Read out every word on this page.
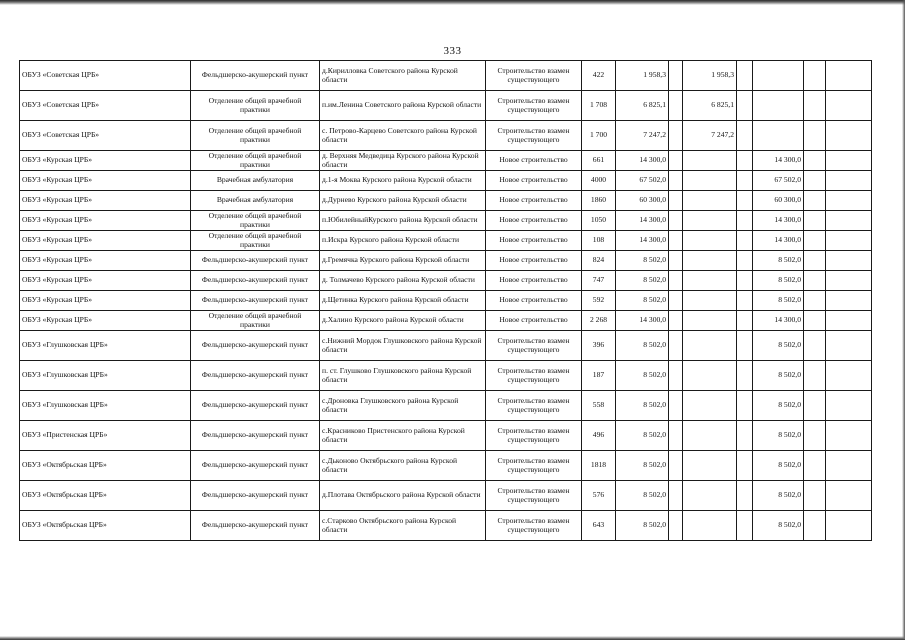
333
ОБУЗ «Советская ЦРБ»	Фельдшерско-акушерский пункт	д.Кирилловка Советского района Курской области	Строительство взамен существующего	422	1 958,3		1 958,3				
ОБУЗ «Советская ЦРБ»	Отделение общей врачебной практики	п.им.Ленина Советского района Курской области	Строительство взамен существующего	1 708	6 825,1		6 825,1				
ОБУЗ «Советская ЦРБ»	Отделение общей врачебной практики	с. Петрово-Карцево Советского района Курской области	Строительство взамен существующего	1 700	7 247,2		7 247,2				
ОБУЗ «Курская ЦРБ»	Отделение общей врачебной практики	д. Верхняя Медведица Курского района Курской области	Новое строительство	661	14 300,0				14 300,0		
ОБУЗ «Курская ЦРБ»	Врачебная амбулатория	д.1-я Моква Курского района Курской области	Новое строительство	4000	67 502,0				67 502,0		
ОБУЗ «Курская ЦРБ»	Врачебная амбулатория	д.Дурнево Курского района Курской области	Новое строительство	1860	60 300,0				60 300,0		
ОБУЗ «Курская ЦРБ»	Отделение общей врачебной практики	п.ЮбилейныйКурского района Курской области	Новое строительство	1050	14 300,0				14 300,0		
ОБУЗ «Курская ЦРБ»	Отделение общей врачебной практики	п.Искра Курского района Курской области	Новое строительство	108	14 300,0				14 300,0		
ОБУЗ «Курская ЦРБ»	Фельдшерско-акушерский пункт	д.Гремячка Курского района Курской области	Новое строительство	824	8 502,0				8 502,0		
ОБУЗ «Курская ЦРБ»	Фельдшерско-акушерский пункт	д. Толмачево Курского района Курской области	Новое строительство	747	8 502,0				8 502,0		
ОБУЗ «Курская ЦРБ»	Фельдшерско-акушерский пункт	д.Щетинка Курского района Курской области	Новое строительство	592	8 502,0				8 502,0		
ОБУЗ «Курская ЦРБ»	Отделение общей врачебной практики	д.Халино Курского района Курской области	Новое строительство	2 268	14 300,0				14 300,0		
ОБУЗ «Глушковская ЦРБ»	Фельдшерско-акушерский пункт	с.Нижний Мордок Глушковского района Курской области	Строительство взамен существующего	396	8 502,0				8 502,0		
ОБУЗ «Глушковская ЦРБ»	Фельдшерско-акушерский пункт	п. ст. Глушково Глушковского района Курской области	Строительство взамен существующего	187	8 502,0				8 502,0		
ОБУЗ «Глушковская ЦРБ»	Фельдшерско-акушерский пункт	с.Дроновка Глушковского района Курской области	Строительство взамен существующего	558	8 502,0				8 502,0		
ОБУЗ «Пристенская ЦРБ»	Фельдшерско-акушерский пункт	с.Красниково Пристенского района Курской области	Строительство взамен существующего	496	8 502,0				8 502,0		
ОБУЗ «Октябрьская ЦРБ»	Фельдшерско-акушерский пункт	с.Дьконово Октябрьского района Курской области	Строительство взамен существующего	1818	8 502,0				8 502,0		
ОБУЗ «Октябрьская ЦРБ»	Фельдшерско-акушерский пункт	д.Плотава Октябрьского района Курской области	Строительство взамен существующего	576	8 502,0				8 502,0		
ОБУЗ «Октябрьская ЦРБ»	Фельдшерско-акушерский пункт	с.Старково Октябрьского района Курской области	Строительство взамен существующего	643	8 502,0				8 502,0		
